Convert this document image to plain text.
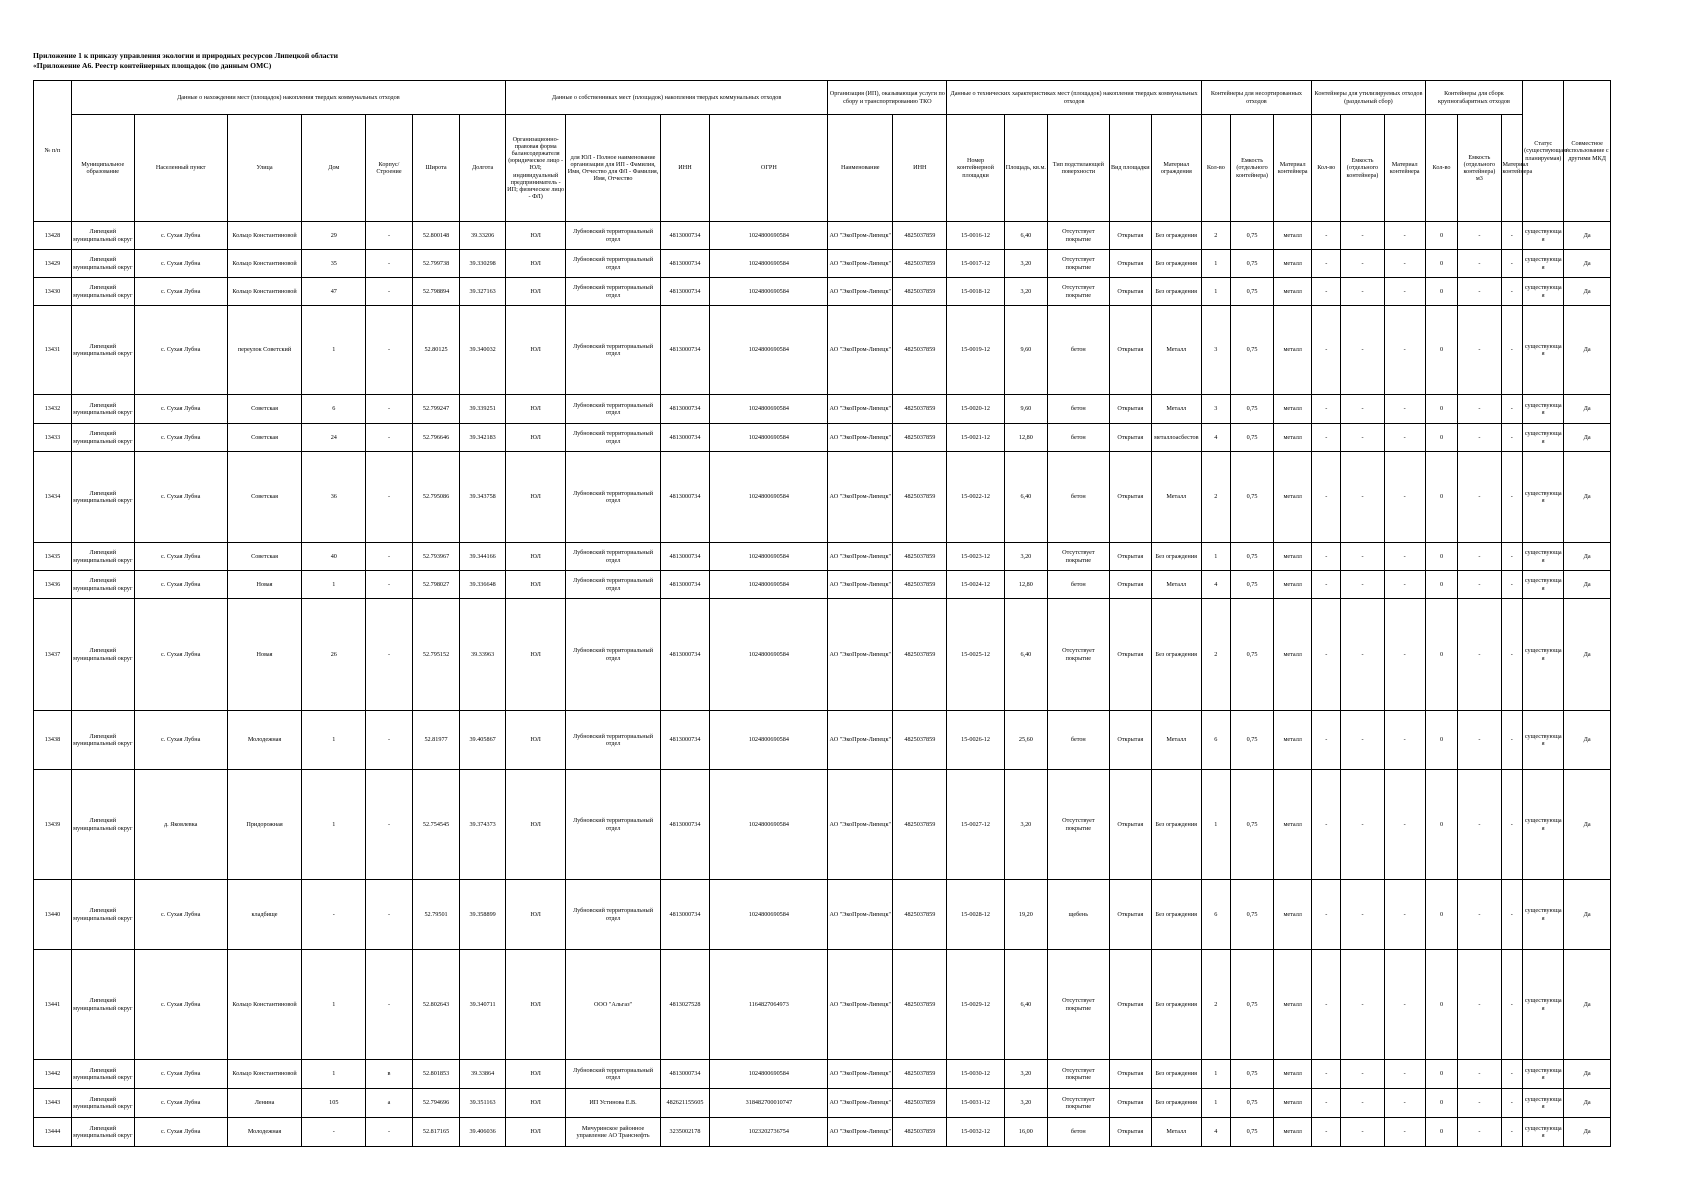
Приложение 1 к приказу управления экологии и природных ресурсов Липецкой области
«Приложение А6. Реестр контейнерных площадок (по данным ОМС)
№ п/п	Данные о нахождении мест (площадок) накопления твердых коммунальных отходов							Данные о собственниках мест (площадок) накопления твердых коммунальных отходов				Организация (ИП), оказывающая услуги по сбору и транспортированию ТКО		Данные о технических характеристиках мест (площадок) накопления твердых коммунальных отходов					Контейнеры для несортированных отходов			Контейнеры для утилизируемых отходов (раздельный сбор)			Контейнеры для сборк крупногабаритных отходов			Статус (существующая/ планируемая)	Совместное использование с другими МКД
	Муниципальное образование	Населенный пункт	Улица	Дом	Корпус/Строение	Широта	Долгота	Организационно-правовая форма балансодержателя (юридическое лицо - ЮЛ; индивидуальный предприниматель - ИП; физическое лицо - ФЛ)	для ЮЛ - Полное наименование организации для ИП - Фамилия, Имя, Отчество для ФЛ - Фамилия, Имя, Отчество	ИНН	ОГРН	Наименование	ИНН	Номер контейнерной площадки	Площадь, кв.м.	Тип подстилающей поверхности	Вид площадки	Материал ограждения	Кол-во	Емкость (отдельного контейнера)	Материал контейнера	Кол-во	Емкость (отдельного контейнера)	Материал контейнера	Кол-во	Емкость (отдельного контейнера) м3	Материал контейнера		
13428	Липецкий муниципальный округ	с. Сухая Лубна	Кольцо Константиновой	29	-	52.800148	39.33206	ЮЛ	Лубновский территориальный отдел	4813000734	1024800690584	АО "ЭкоПром-Липецк"	4825037859	15-0016-12	6,40	Отсутствует покрытие	Открытая	Без ограждения	2	0,75	металл	-	-	-	0	-	-	существующая	Да
13429	Липецкий муниципальный округ	с. Сухая Лубна	Кольцо Константиновой	35	-	52.799738	39.330298	ЮЛ	Лубновский территориальный отдел	4813000734	1024800690584	АО "ЭкоПром-Липецк"	4825037859	15-0017-12	3,20	Отсутствует покрытие	Открытая	Без ограждения	1	0,75	металл	-	-	-	0	-	-	существующая	Да
13430	Липецкий муниципальный округ	с. Сухая Лубна	Кольцо Константиновой	47	-	52.798894	39.327163	ЮЛ	Лубновский территориальный отдел	4813000734	1024800690584	АО "ЭкоПром-Липецк"	4825037859	15-0018-12	3,20	Отсутствует покрытие	Открытая	Без ограждения	1	0,75	металл	-	-	-	0	-	-	существующая	Да
13431	Липецкий муниципальный округ	с. Сухая Лубна	переулок Советский	1	-	52.80125	39.340032	ЮЛ	Лубновский территориальный отдел	4813000734	1024800690584	АО "ЭкоПром-Липецк"	4825037859	15-0019-12	9,60	бетон	Открытая	Металл	3	0,75	металл	-	-	-	0	-	-	существующая	Да
13432	Липецкий муниципальный округ	с. Сухая Лубна	Советская	6	-	52.799247	39.339251	ЮЛ	Лубновский территориальный отдел	4813000734	1024800690584	АО "ЭкоПром-Липецк"	4825037859	15-0020-12	9,60	бетон	Открытая	Металл	3	0,75	металл	-	-	-	0	-	-	существующая	Да
13433	Липецкий муниципальный округ	с. Сухая Лубна	Советская	24	-	52.796646	39.342183	ЮЛ	Лубновский территориальный отдел	4813000734	1024800690584	АО "ЭкоПром-Липецк"	4825037859	15-0021-12	12,80	бетон	Открытая	металлоасбестов	4	0,75	металл	-	-	-	0	-	-	существующая	Да
13434	Липецкий муниципальный округ	с. Сухая Лубна	Советская	36	-	52.795086	39.343758	ЮЛ	Лубновский территориальный отдел	4813000734	1024800690584	АО "ЭкоПром-Липецк"	4825037859	15-0022-12	6,40	бетон	Открытая	Металл	2	0,75	металл	-	-	-	0	-	-	существующая	Да
13435	Липецкий муниципальный округ	с. Сухая Лубна	Советская	40	-	52.793967	39.344166	ЮЛ	Лубновский территориальный отдел	4813000734	1024800690584	АО "ЭкоПром-Липецк"	4825037859	15-0023-12	3,20	Отсутствует покрытие	Открытая	Без ограждения	1	0,75	металл	-	-	-	0	-	-	существующая	Да
13436	Липецкий муниципальный округ	с. Сухая Лубна	Новая	1	-	52.798027	39.336648	ЮЛ	Лубновский территориальный отдел	4813000734	1024800690584	АО "ЭкоПром-Липецк"	4825037859	15-0024-12	12,80	бетон	Открытая	Металл	4	0,75	металл	-	-	-	0	-	-	существующая	Да
13437	Липецкий муниципальный округ	с. Сухая Лубна	Новая	26	-	52.795152	39.33963	ЮЛ	Лубновский территориальный отдел	4813000734	1024800690584	АО "ЭкоПром-Липецк"	4825037859	15-0025-12	6,40	Отсутствует покрытие	Открытая	Без ограждения	2	0,75	металл	-	-	-	0	-	-	существующая	Да
13438	Липецкий муниципальный округ	с. Сухая Лубна	Молодежная	1	-	52.81977	39.405867	ЮЛ	Лубновский территориальный отдел	4813000734	1024800690584	АО "ЭкоПром-Липецк"	4825037859	15-0026-12	25,60	бетон	Открытая	Металл	6	0,75	металл	-	-	-	0	-	-	существующая	Да
13439	Липецкий муниципальный округ	д. Яковлевка	Придорожная	1	-	52.754545	39.374373	ЮЛ	Лубновский территориальный отдел	4813000734	1024800690584	АО "ЭкоПром-Липецк"	4825037859	15-0027-12	3,20	Отсутствует покрытие	Открытая	Без ограждения	1	0,75	металл	-	-	-	0	-	-	существующая	Да
13440	Липецкий муниципальный округ	с. Сухая Лубна	кладбище	-	-	52.79501	39.358899	ЮЛ	Лубновский территориальный отдел	4813000734	1024800690584	АО "ЭкоПром-Липецк"	4825037859	15-0028-12	19,20	щебень	Открытая	Без ограждения	6	0,75	металл	-	-	-	0	-	-	существующая	Да
13441	Липецкий муниципальный округ	с. Сухая Лубна	Кольцо Константиновой	1	-	52.802643	39.340711	ЮЛ	ООО "Альгаз"	4813027528	1164827064973	АО "ЭкоПром-Липецк"	4825037859	15-0029-12	6,40	Отсутствует покрытие	Открытая	Без ограждения	2	0,75	металл	-	-	-	0	-	-	существующая	Да
13442	Липецкий муниципальный округ	с. Сухая Лубна	Кольцо Константиновой	1	в	52.801853	39.33864	ЮЛ	Лубновский территориальный отдел	4813000734	1024800690584	АО "ЭкоПром-Липецк"	4825037859	15-0030-12	3,20	Отсутствует покрытие	Открытая	Без ограждения	1	0,75	металл	-	-	-	0	-	-	существующая	Да
13443	Липецкий муниципальный округ	с. Сухая Лубна	Ленина	105	а	52.794696	39.351163	ЮЛ	ИП Устинова Е.В.	482621155605	318482700010747	АО "ЭкоПром-Липецк"	4825037859	15-0031-12	3,20	Отсутствует покрытие	Открытая	Без ограждения	1	0,75	металл	-	-	-	0	-	-	существующая	Да
13444	Липецкий муниципальный округ	с. Сухая Лубна	Молодежная	-	-	52.817165	39.406036	ЮЛ	Мичуринское районное управление АО Транснефть	3235002178	1023202736754	АО "ЭкоПром-Липецк"	4825037859	15-0032-12	16,00	бетон	Открытая	Металл	4	0,75	металл	-	-	-	0	-	-	существующая	Да
